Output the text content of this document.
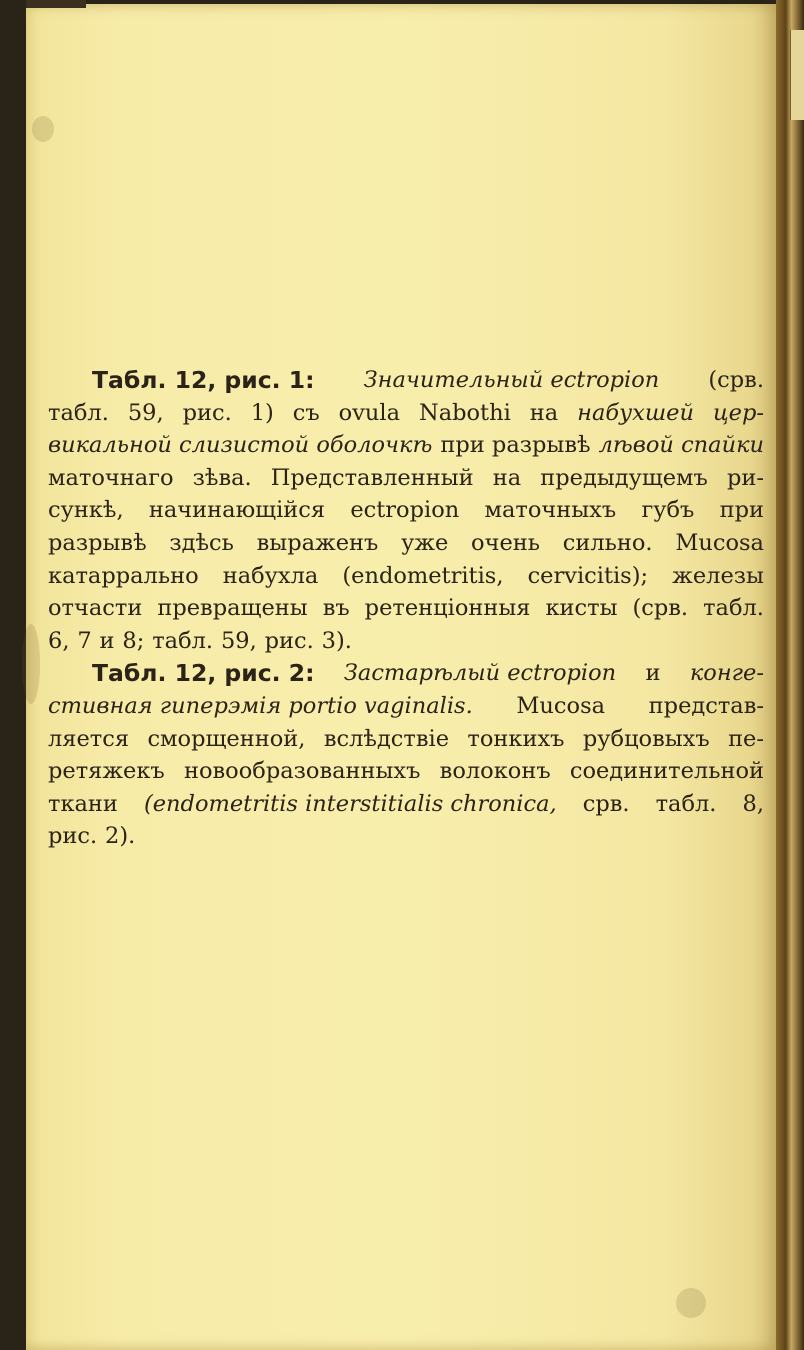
Табл. 12, рис. 1: Значительный ectropion (срв.
табл. 59, рис. 1) съ ovula Nabothi на набухшей цер-
викальной слизистой оболочкѣ при разрывѣ лѣвой спайки
маточнаго зѣва. Представленный на предыдущемъ ри-
сункѣ, начинающійся ectropion маточныхъ губъ при
разрывѣ здѣсь выраженъ уже очень сильно. Mucosa
катаррально набухла (endometritis, cervicitis); железы
отчасти превращены въ ретенціонныя кисты (срв. табл.
6, 7 и 8; табл. 59, рис. 3).
Табл. 12, рис. 2: Застарѣлый ectropion и конге-
стивная гиперэмія portio vaginalis. Mucosa представ-
ляется сморщенной, вслѣдствіе тонкихъ рубцовыхъ пе-
ретяжекъ новообразованныхъ волоконъ соединительной
ткани (endometritis interstitialis chronica, срв. табл. 8,
рис. 2).
